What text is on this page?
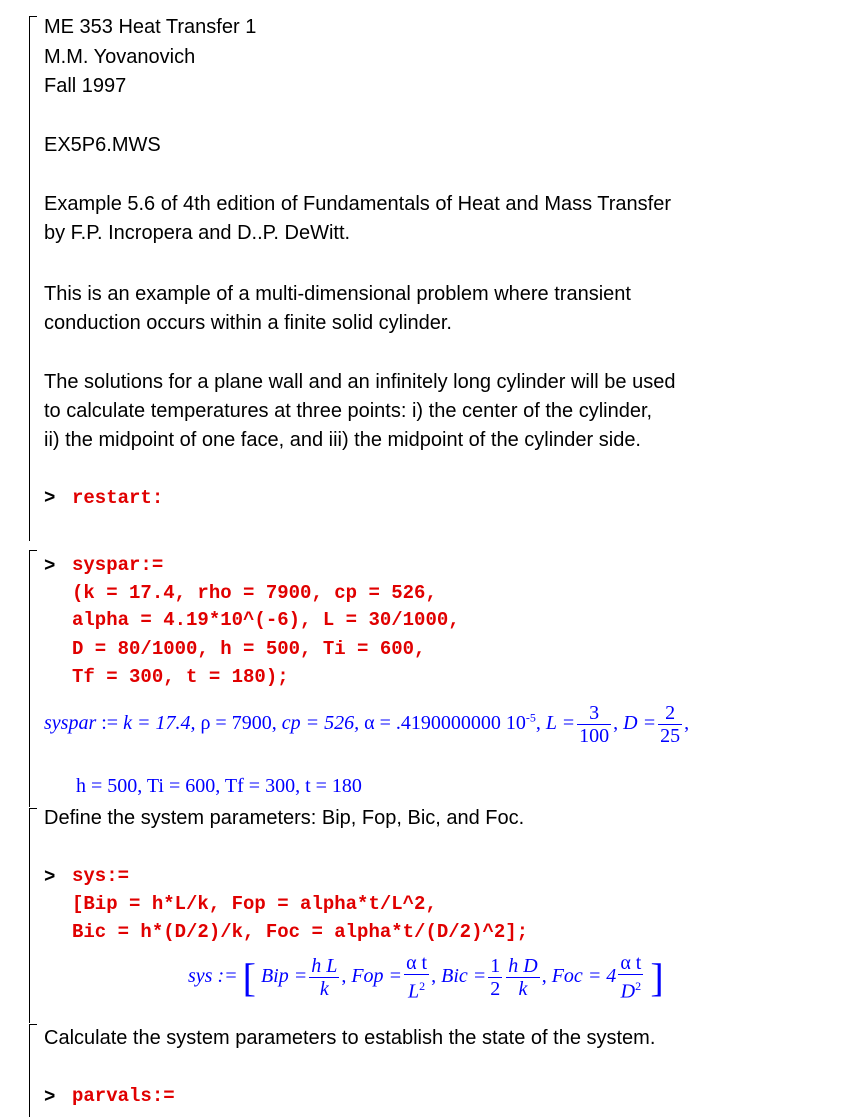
ME 353 Heat Transfer 1
M.M. Yovanovich
Fall 1997
EX5P6.MWS
Example 5.6 of 4th edition of Fundamentals of Heat and Mass Transfer
by F.P. Incropera and D..P. DeWitt.
This is an example of a multi-dimensional problem where transient
conduction occurs within a finite solid cylinder.
The solutions for a plane wall and an infinitely long cylinder will be used
to calculate temperatures at three points: i) the center of the cylinder,
ii) the midpoint of one face, and iii) the midpoint of the cylinder side.
> restart:
> syspar:=
(k = 17.4, rho = 7900, cp = 526,
alpha = 4.19*10^(-6), L = 30/1000,
D = 80/1000, h = 500, Ti = 600,
Tf = 300, t = 180);
syspar := k = 17.4, ρ = 7900, cp = 526, α = .4190000000 $10^{-5}$, $L = \frac{3}{100}$ , $D = \frac{2}{25}$ ,
h = 500, Ti = 600, Tf = 300, t = 180
Define the system parameters: Bip, Fop, Bic, and Foc.
> sys:=
[Bip = h*L/k, Fop = alpha*t/L^2,
Bic = h*(D/2)/k, Foc = alpha*t/(D/2)^2];
sys := [ Bip = $\frac{\text{h L}}{k}$ , Fop = $\frac{\text{α t}}{L^2}$ , Bic = $\frac{1}{2} \frac{\text{h D}}{k}$ , Foc = $4 \frac{\text{α t}}{D^2}$ ]
Calculate the system parameters to establish the state of the system.
> parvals:=
